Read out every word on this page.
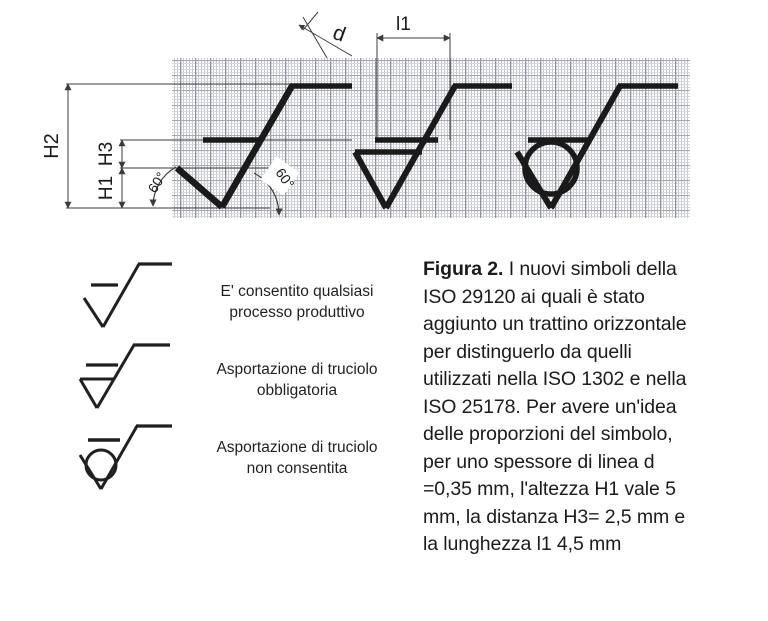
H2 H3
H1
d l1
60°	60°
E' consentito qualsiasi
processo produttivo
Asportazione di truciolo
obbligatoria
Asportazione di truciolo
non consentita
Figura 2. I nuovi simboli della ISO 29120 ai quali è stato aggiunto un trattino orizzontale per distinguerlo da quelli utilizzati nella ISO 1302 e nella ISO 25178. Per avere un'idea delle proporzioni del simbolo, per uno spessore di linea d =0,35 mm, l'altezza H1 vale 5 mm, la distanza H3= 2,5 mm e la lunghezza l1 4,5 mm
